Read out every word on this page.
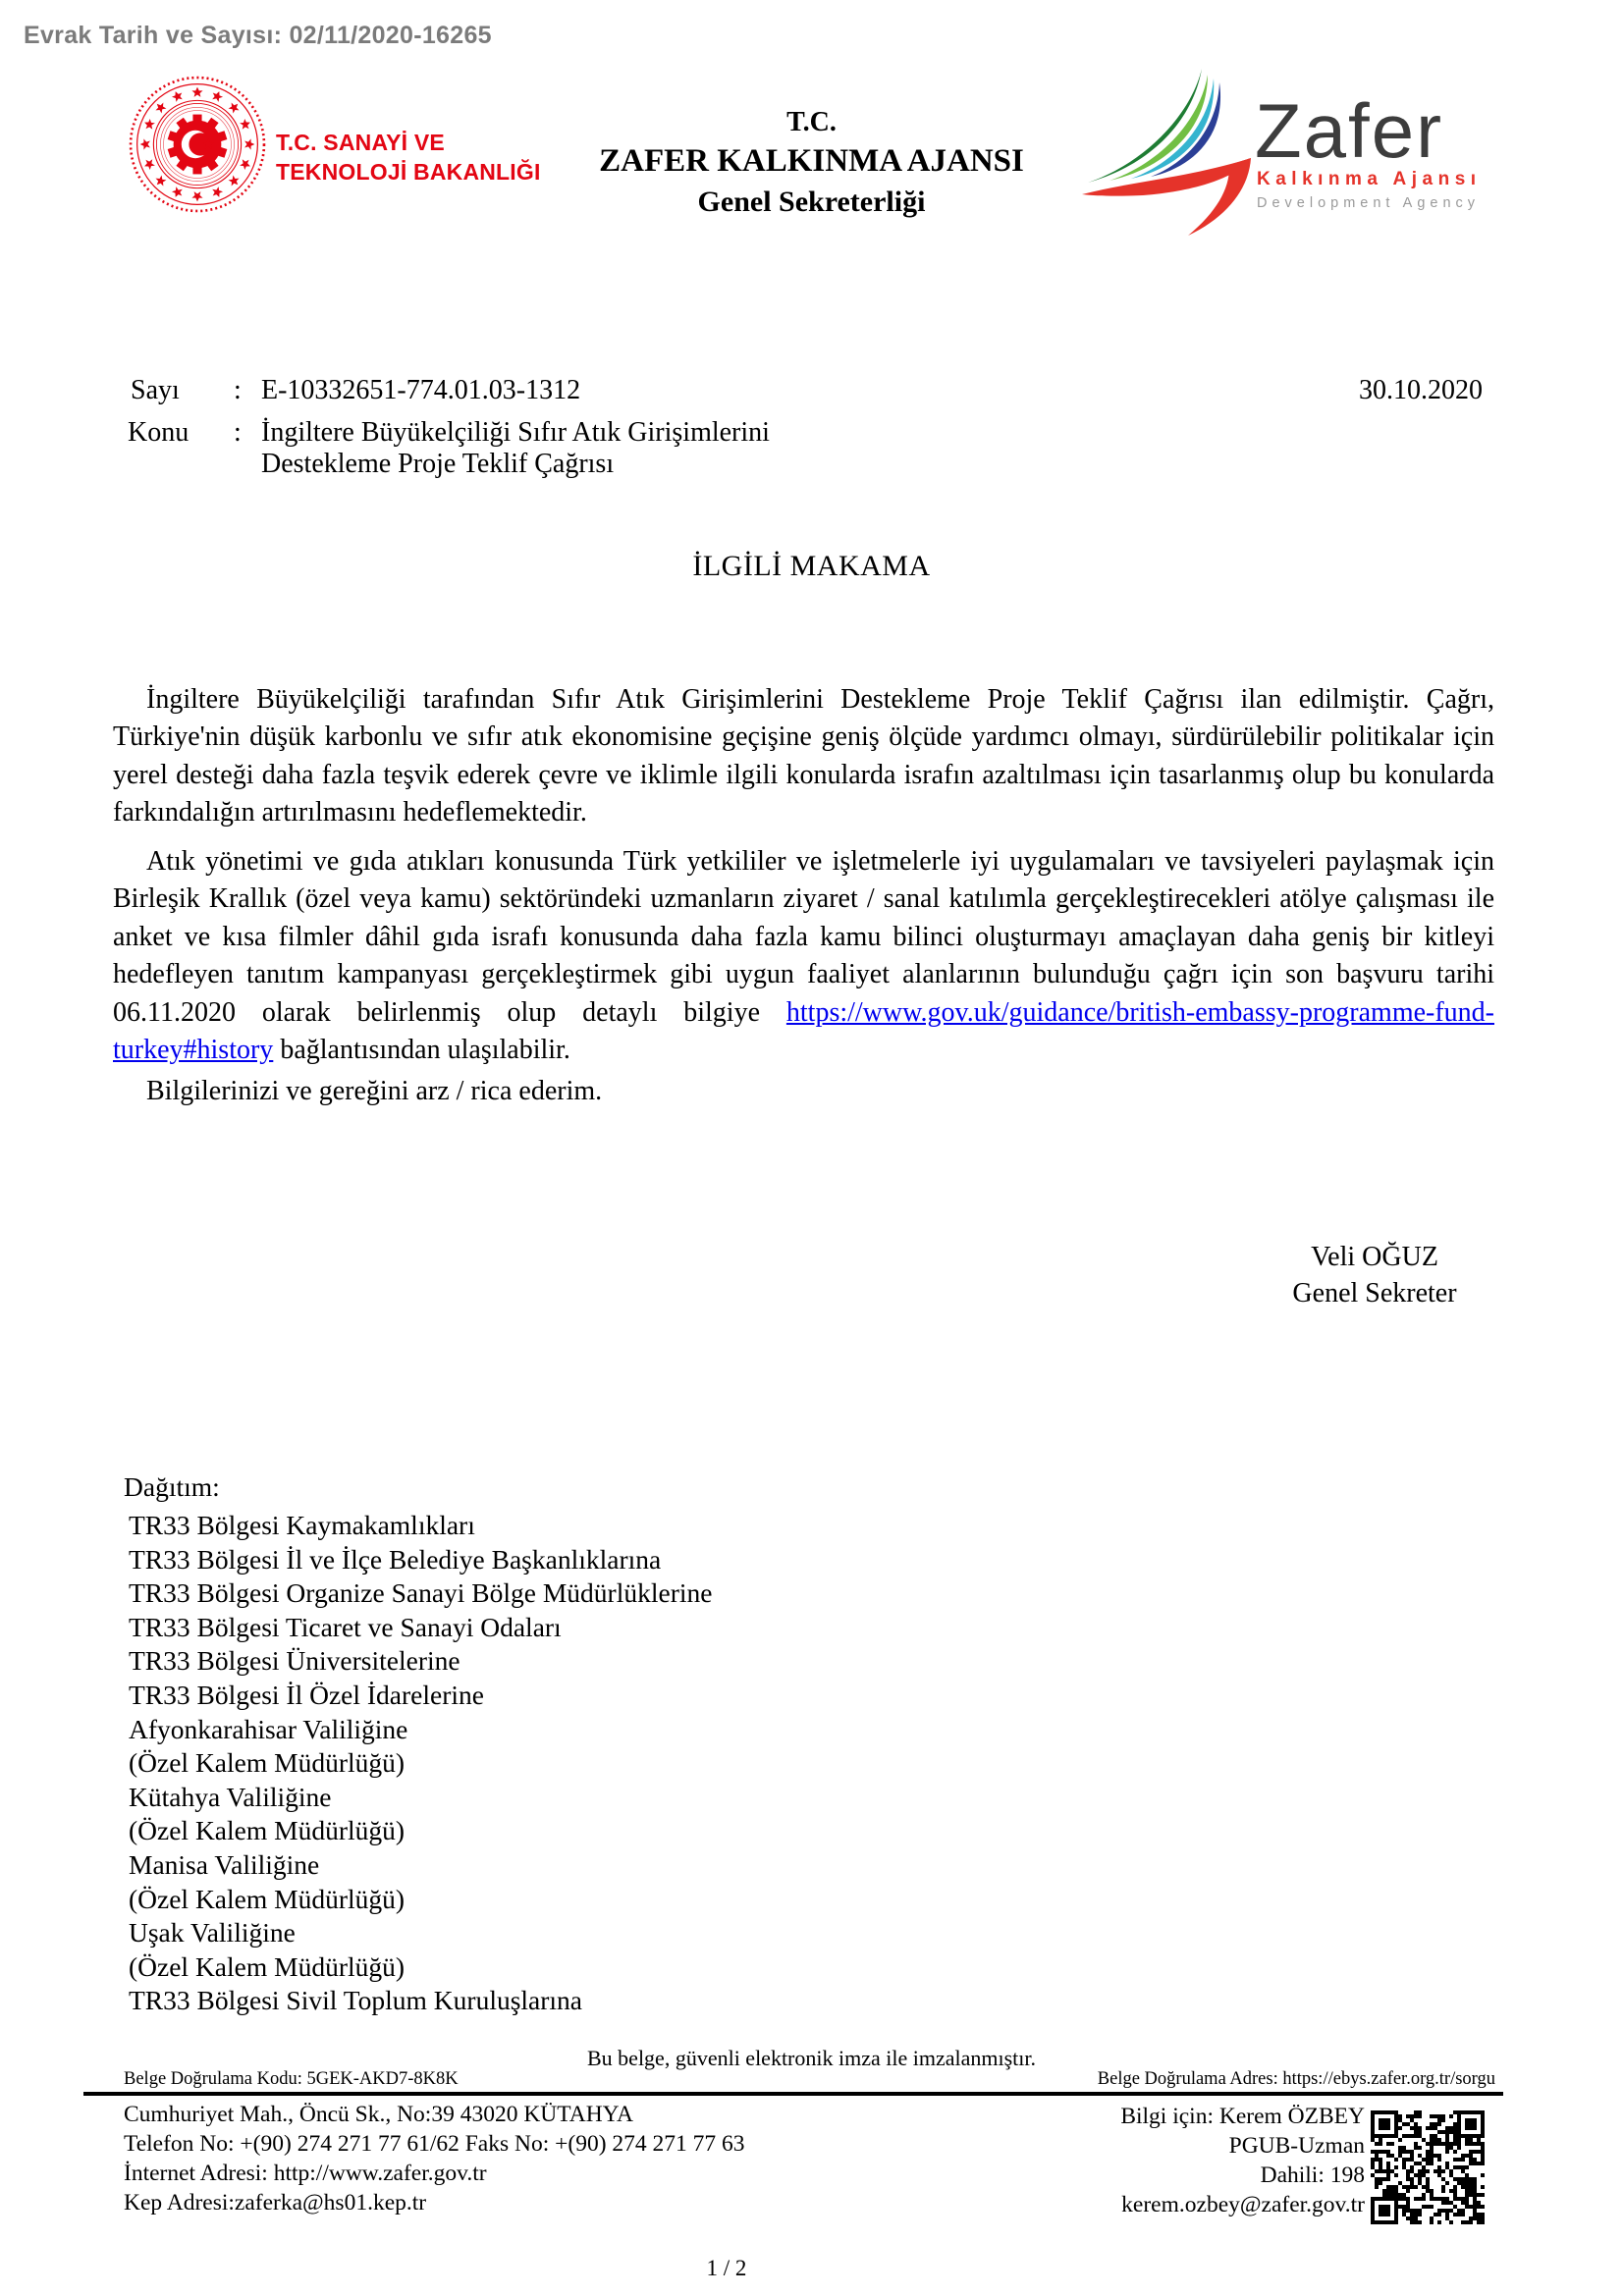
Evrak Tarih ve Sayısı: 02/11/2020-16265
T.C. SANAYİ VE
TEKNOLOJİ BAKANLIĞI
T.C.
ZAFER KALKINMA AJANSI
Genel Sekreterliği
Zafer
Kalkınma Ajansı
Development Agency
Sayı : E-10332651-774.01.03-1312	30.10.2020
Konu : İngiltere Büyükelçiliği Sıfır Atık Girişimlerini
Destekleme Proje Teklif Çağrısı
İLGİLİ MAKAMA

İngiltere Büyükelçiliği tarafından Sıfır Atık Girişimlerini Destekleme Proje Teklif Çağrısı ilan edilmiştir. Çağrı, Türkiye'nin düşük karbonlu ve sıfır atık ekonomisine geçişine geniş ölçüde yardımcı olmayı, sürdürülebilir politikalar için yerel desteği daha fazla teşvik ederek çevre ve iklimle ilgili konularda israfın azaltılması için tasarlanmış olup bu konularda farkındalığın artırılmasını hedeflemektedir.

Atık yönetimi ve gıda atıkları konusunda Türk yetkililer ve işletmelerle iyi uygulamaları ve tavsiyeleri paylaşmak için Birleşik Krallık (özel veya kamu) sektöründeki uzmanların ziyaret / sanal katılımla gerçekleştirecekleri atölye çalışması ile anket ve kısa filmler dâhil gıda israfı konusunda daha fazla kamu bilinci oluşturmayı amaçlayan daha geniş bir kitleyi hedefleyen tanıtım kampanyası gerçekleştirmek gibi uygun faaliyet alanlarının bulunduğu çağrı için son başvuru tarihi 06.11.2020 olarak belirlenmiş olup detaylı bilgiye https://www.gov.uk/guidance/british-embassy-programme-fund-turkey#history bağlantısından ulaşılabilir.

Bilgilerinizi ve gereğini arz / rica ederim.
Veli OĞUZ
Genel Sekreter
Dağıtım:
TR33 Bölgesi Kaymakamlıkları
TR33 Bölgesi İl ve İlçe Belediye Başkanlıklarına
TR33 Bölgesi Organize Sanayi Bölge Müdürlüklerine
TR33 Bölgesi Ticaret ve Sanayi Odaları
TR33 Bölgesi Üniversitelerine
TR33 Bölgesi İl Özel İdarelerine
Afyonkarahisar Valiliğine
(Özel Kalem Müdürlüğü)
Kütahya Valiliğine
(Özel Kalem Müdürlüğü)
Manisa Valiliğine
(Özel Kalem Müdürlüğü)
Uşak Valiliğine
(Özel Kalem Müdürlüğü)
TR33 Bölgesi Sivil Toplum Kuruluşlarına
Bu belge, güvenli elektronik imza ile imzalanmıştır.
Belge Doğrulama Kodu: 5GEK-AKD7-8K8K	Belge Doğrulama Adres: https://ebys.zafer.org.tr/sorgu
Cumhuriyet Mah., Öncü Sk., No:39 43020 KÜTAHYA
Telefon No: +(90) 274 271 77 61/62 Faks No: +(90) 274 271 77 63
İnternet Adresi: http://www.zafer.gov.tr
Kep Adresi:zaferka@hs01.kep.tr
Bilgi için: Kerem ÖZBEY
PGUB-Uzman
Dahili: 198
kerem.ozbey@zafer.gov.tr
1 / 2
